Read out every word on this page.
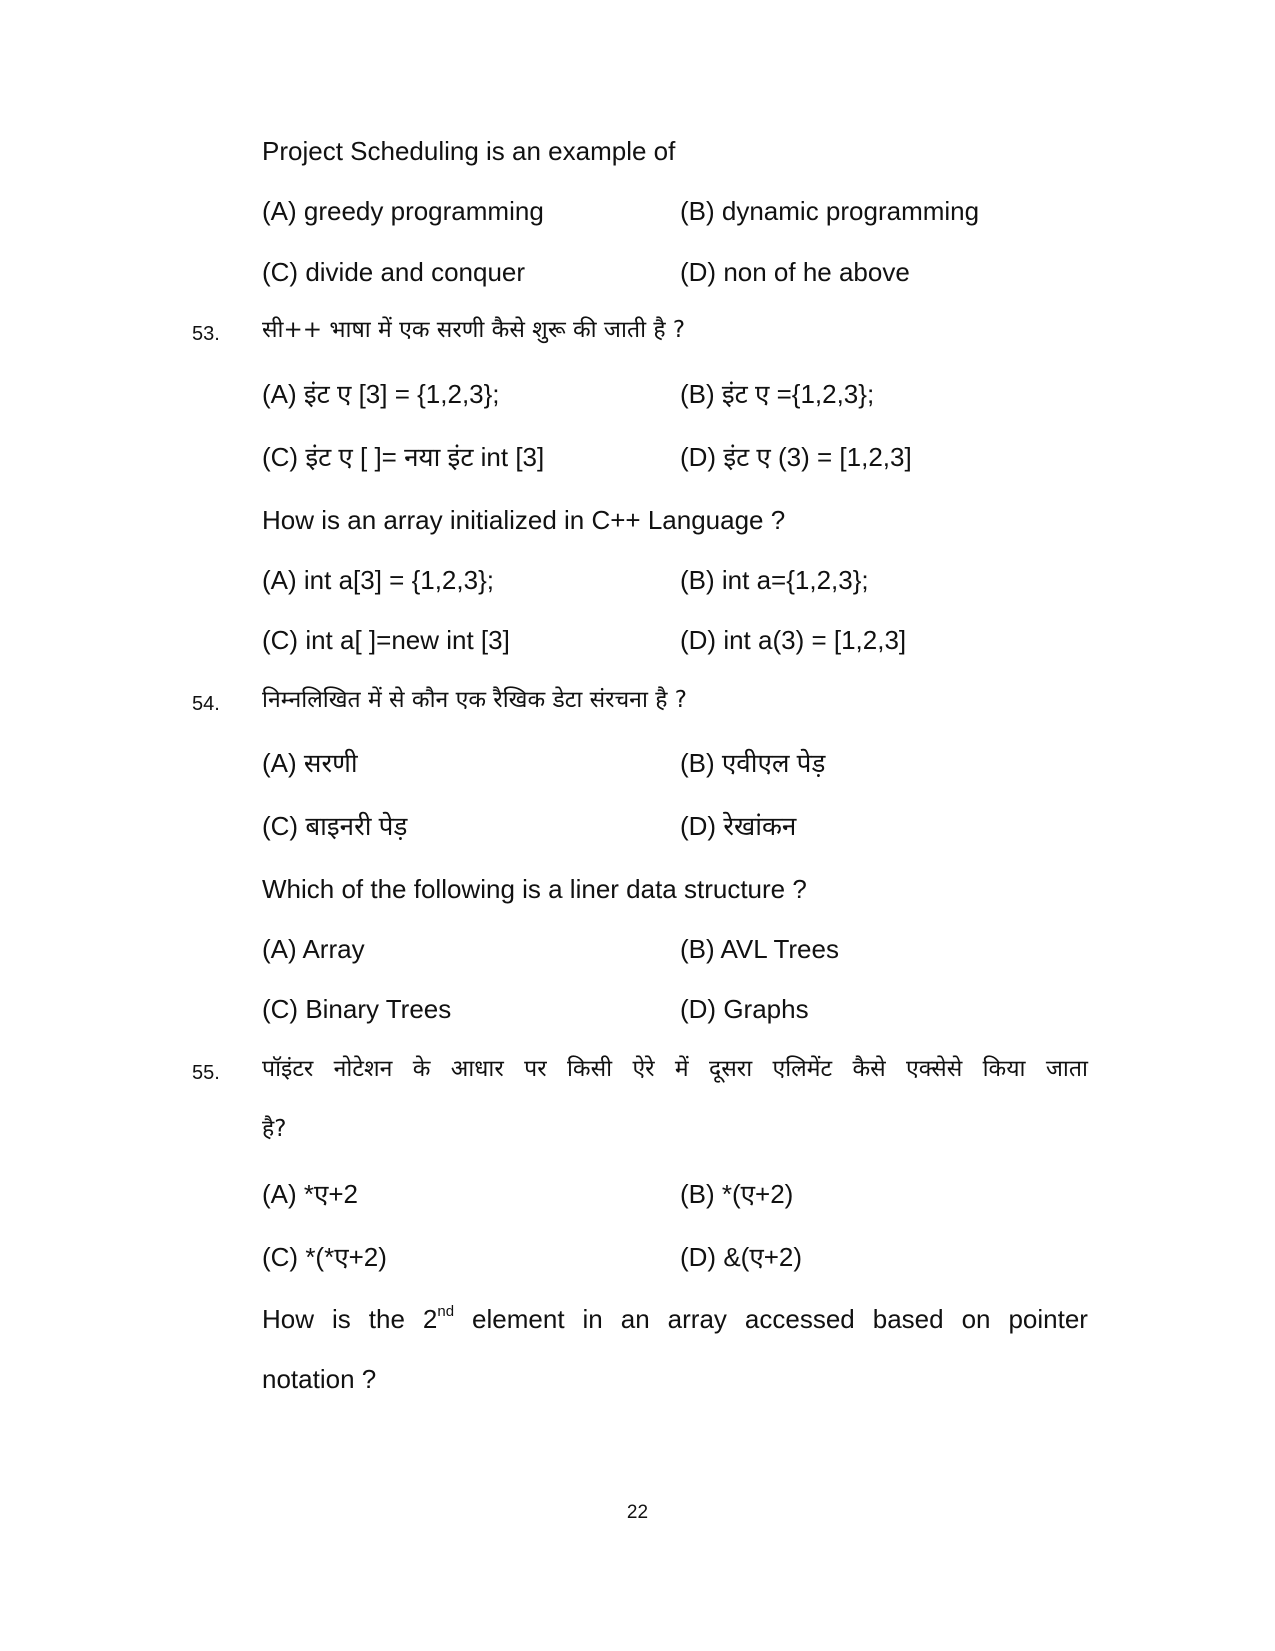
Project Scheduling is an example of
(A) greedy programming	(B) dynamic programming
(C) divide and conquer	(D) non of he above
53. सी++ भाषा में एक सरणी कैसे शुरू की जाती है ?
(A) इंट ए [3] = {1,2,3};	(B) इंट ए ={1,2,3};
(C) इंट ए [ ]= नया इंट int [3]	(D) इंट ए (3) = [1,2,3]
How is an array initialized in C++ Language ?
(A) int a[3] = {1,2,3};	(B) int a={1,2,3};
(C) int a[ ]=new int [3]	(D) int a(3) = [1,2,3]
54. निम्नलिखित में से कौन एक रैखिक डेटा संरचना है ?
(A) सरणी	(B) एवीएल पेड़
(C) बाइनरी पेड़	(D) रेखांकन
Which of the following is a liner data structure ?
(A) Array	(B) AVL Trees
(C) Binary Trees	(D) Graphs
55. पॉइंटर नोटेशन के आधार पर किसी ऐरे में दूसरा एलिमेंट कैसे एक्सेसे किया जाता
है?
(A) *ए+2	(B) *(ए+2)
(C) *(*ए+2)	(D) &(ए+2)
How is the 2nd element in an array accessed based on pointer
notation ?
22
